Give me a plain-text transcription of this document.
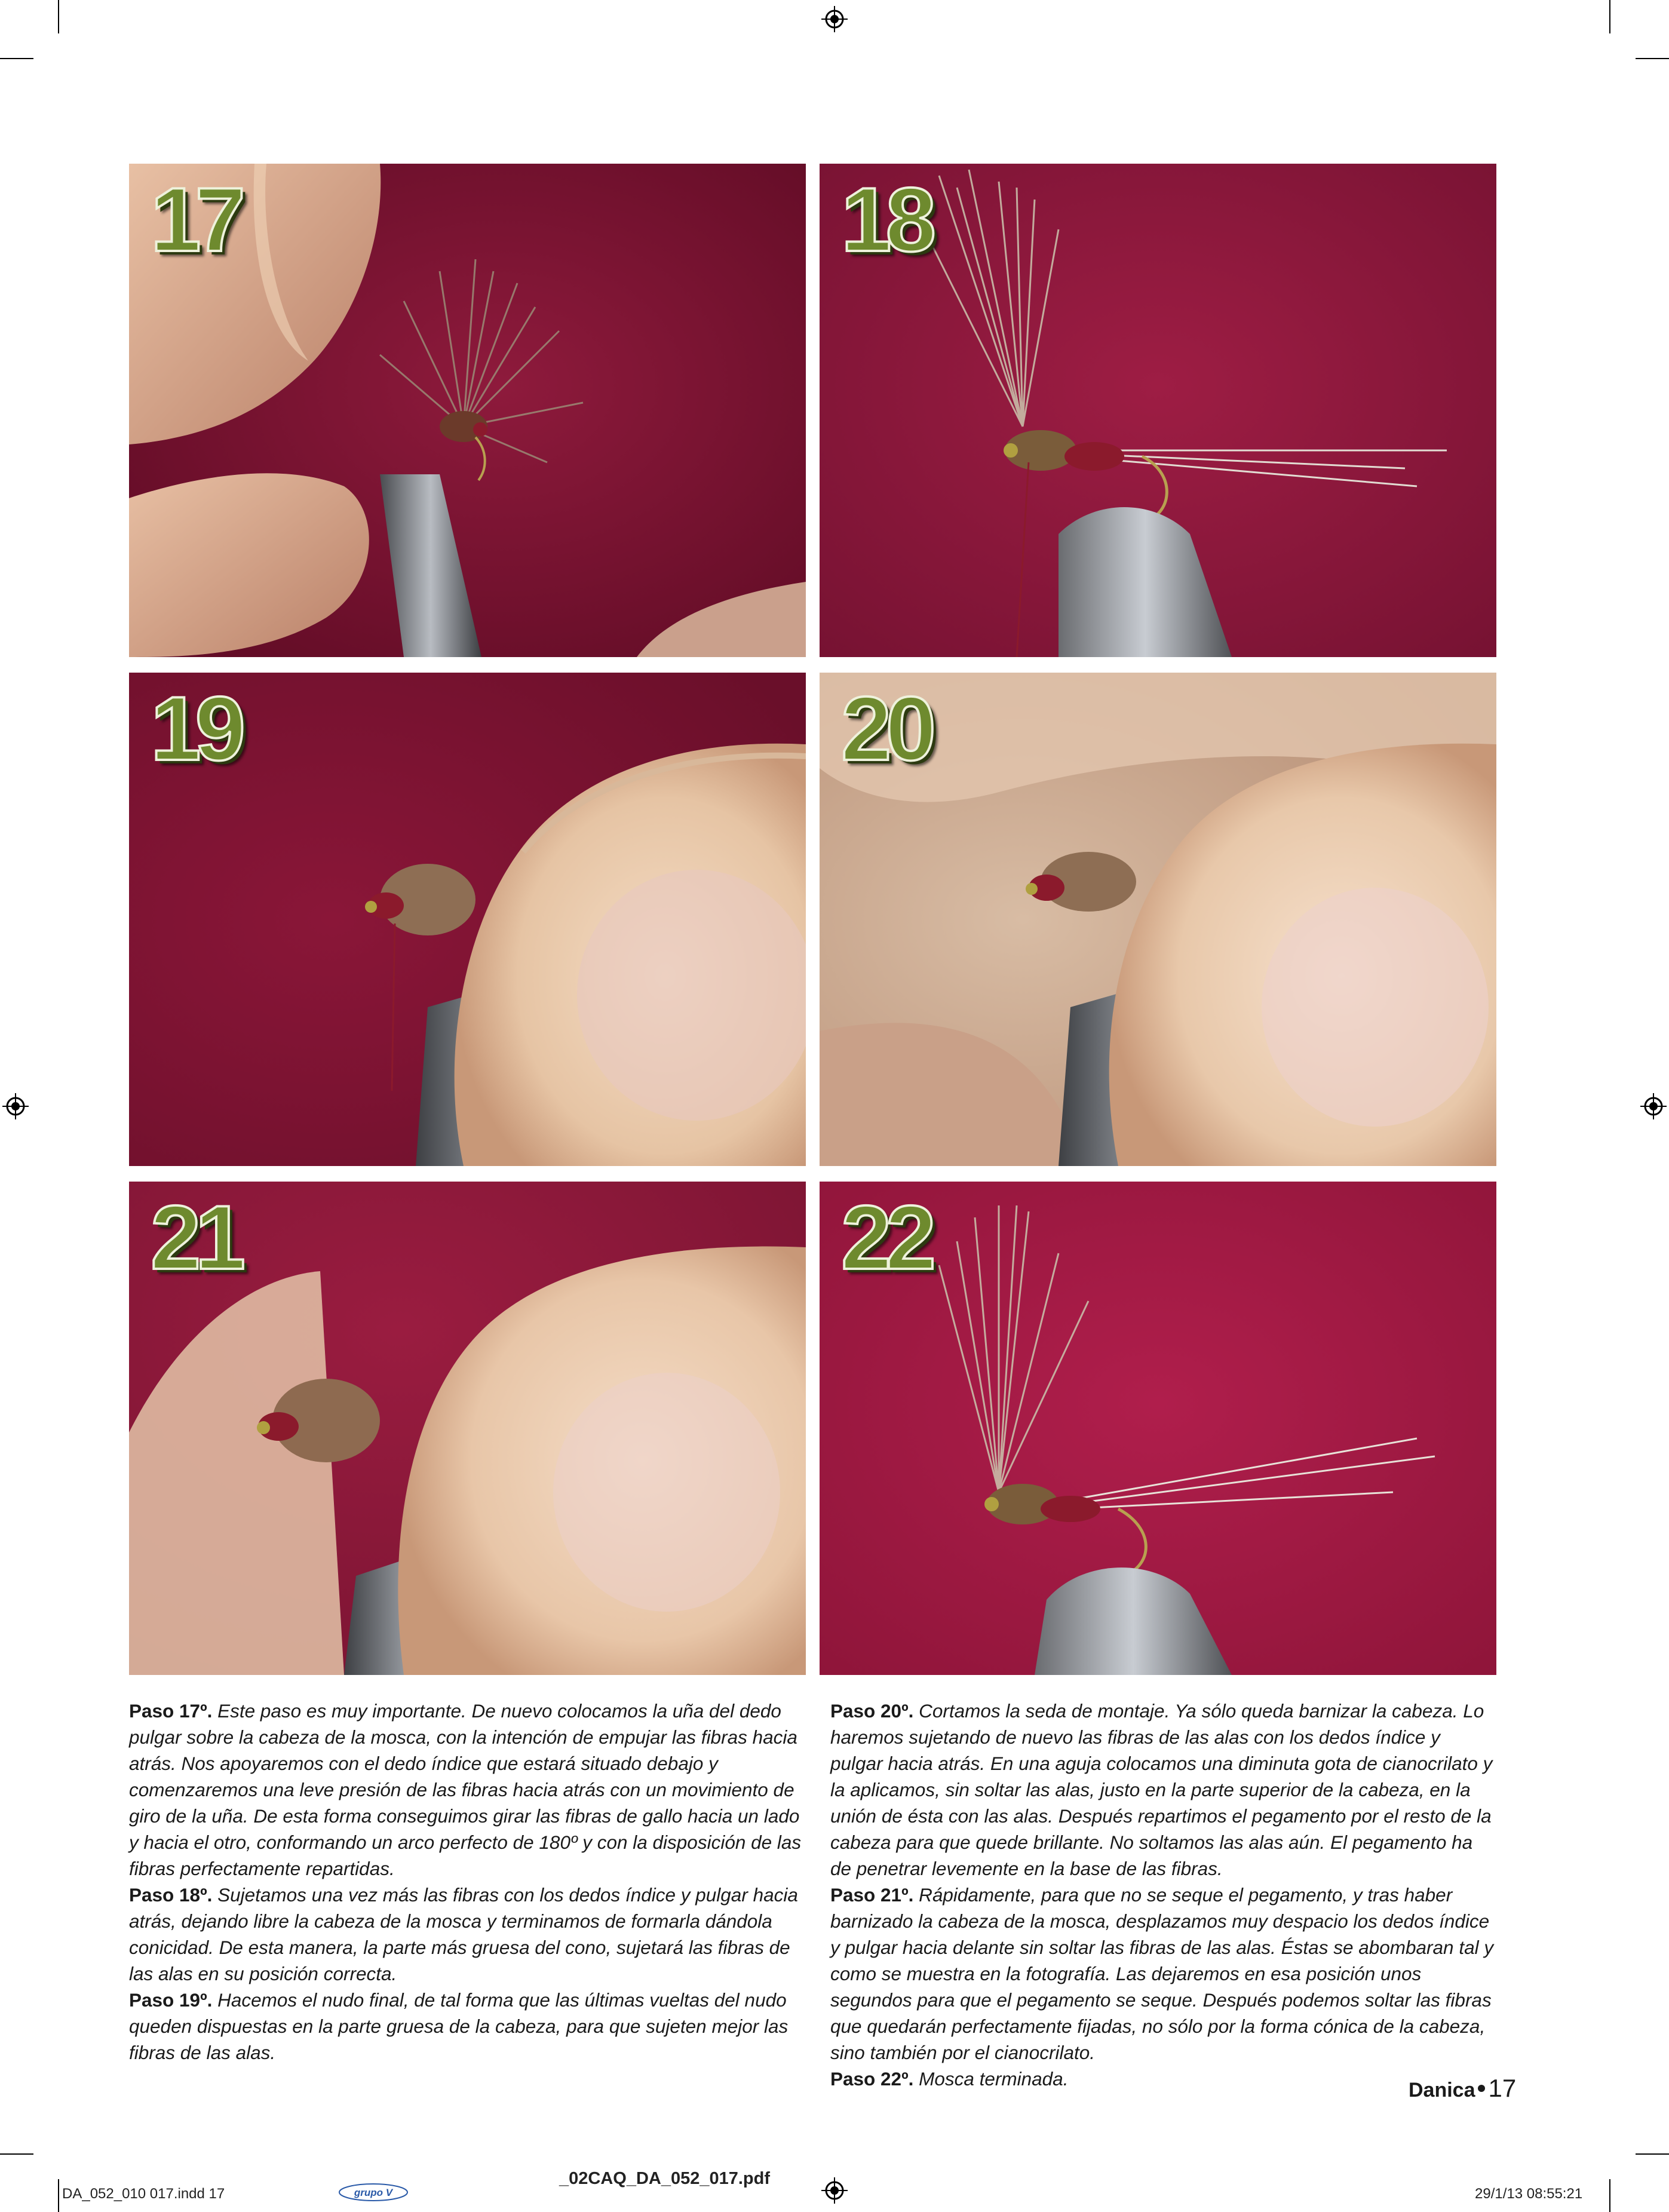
17	18
19	20
21	22

Paso 17º. Este paso es muy importante. De nuevo colocamos la uña del dedo pulgar sobre la cabeza de la mosca, con la intención de empujar las fibras hacia atrás. Nos apoyaremos con el dedo índice que estará situado debajo y comenzaremos una leve presión de las fibras hacia atrás con un movimiento de giro de la uña. De esta forma conseguimos girar las fibras de gallo hacia un lado y hacia el otro, conformando un arco perfecto de 180º y con la disposición de las fibras perfectamente repartidas.

Paso 18º. Sujetamos una vez más las fibras con los dedos índice y pulgar hacia atrás, dejando libre la cabeza de la mosca y terminamos de formarla dándola conicidad. De esta manera, la parte más gruesa del cono, sujetará las fibras de las alas en su posición correcta.

Paso 19º. Hacemos el nudo final, de tal forma que las últimas vueltas del nudo queden dispuestas en la parte gruesa de la cabeza, para que sujeten mejor las fibras de las alas.

Paso 20º. Cortamos la seda de montaje. Ya sólo queda barnizar la cabeza. Lo haremos sujetando de nuevo las fibras de las alas con los dedos índice y pulgar hacia atrás. En una aguja colocamos una diminuta gota de cianocrilato y la aplicamos, sin soltar las alas, justo en la parte superior de la cabeza, en la unión de ésta con las alas. Después repartimos el pegamento por el resto de la cabeza para que quede brillante. No soltamos las alas aún. El pegamento ha de penetrar levemente en la base de las fibras.

Paso 21º. Rápidamente, para que no se seque el pegamento, y tras haber barnizado la cabeza de la mosca, desplazamos muy despacio los dedos índice y pulgar hacia delante sin soltar las fibras de las alas. Éstas se abombaran tal y como se muestra en la fotografía. Las dejaremos en esa posición unos segundos para que el pegamento se seque. Después podemos soltar las fibras que quedarán perfectamente fijadas, no sólo por la forma cónica de la cabeza, sino también por el cianocrilato.

Paso 22º. Mosca terminada.	Danica 17
DA_052_010 017.indd 17	grupo V
_02CAQ_DA_052_017.pdf
29/1/13 08:55:21
